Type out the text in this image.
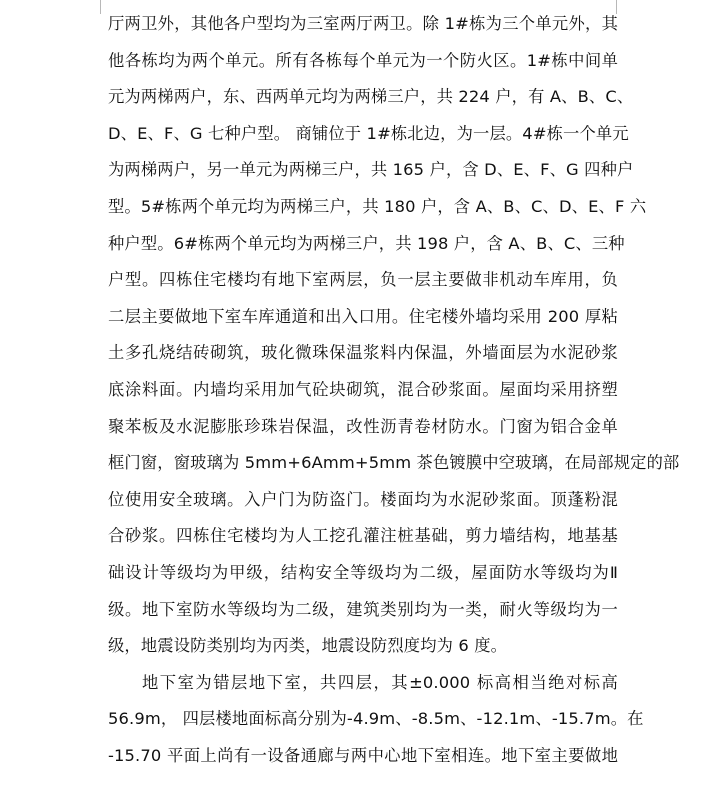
厅两卫外，其他各户型均为三室两厅两卫。除 1#栋为三个单元外，其
他各栋均为两个单元。所有各栋每个单元为一个防火区。1#栋中间单
元为两梯两户，东、西两单元均为两梯三户，共 224 户，有 A、B、C、
D、E、F、G 七种户型。 商铺位于 1#栋北边，为一层。4#栋一个单元
为两梯两户，另一单元为两梯三户，共 165 户，含 D、E、F、G 四种户
型。5#栋两个单元均为两梯三户，共 180 户，含 A、B、C、D、E、F 六
种户型。6#栋两个单元均为两梯三户，共 198 户，含 A、B、C、三种
户型。四栋住宅楼均有地下室两层，负一层主要做非机动车库用，负
二层主要做地下室车库通道和出入口用。住宅楼外墙均采用 200 厚粘
土多孔烧结砖砌筑，玻化微珠保温浆料内保温，外墙面层为水泥砂浆
底涂料面。内墙均采用加气砼块砌筑，混合砂浆面。屋面均采用挤塑
聚苯板及水泥膨胀珍珠岩保温，改性沥青卷材防水。门窗为铝合金单
框门窗，窗玻璃为 5mm+6Amm+5mm 茶色镀膜中空玻璃，在局部规定的部
位使用安全玻璃。入户门为防盗门。楼面均为水泥砂浆面。顶蓬粉混
合砂浆。四栋住宅楼均为人工挖孔灌注桩基础，剪力墙结构，地基基
础设计等级均为甲级，结构安全等级均为二级，屋面防水等级均为Ⅱ
级。地下室防水等级均为二级，建筑类别均为一类，耐火等级均为一
级，地震设防类别均为丙类，地震设防烈度均为 6 度。
地下室为错层地下室，共四层，其±0.000 标高相当绝对标高
56.9m， 四层楼地面标高分别为-4.9m、-8.5m、-12.1m、-15.7m。在
-15.70 平面上尚有一设备通廊与两中心地下室相连。地下室主要做地
